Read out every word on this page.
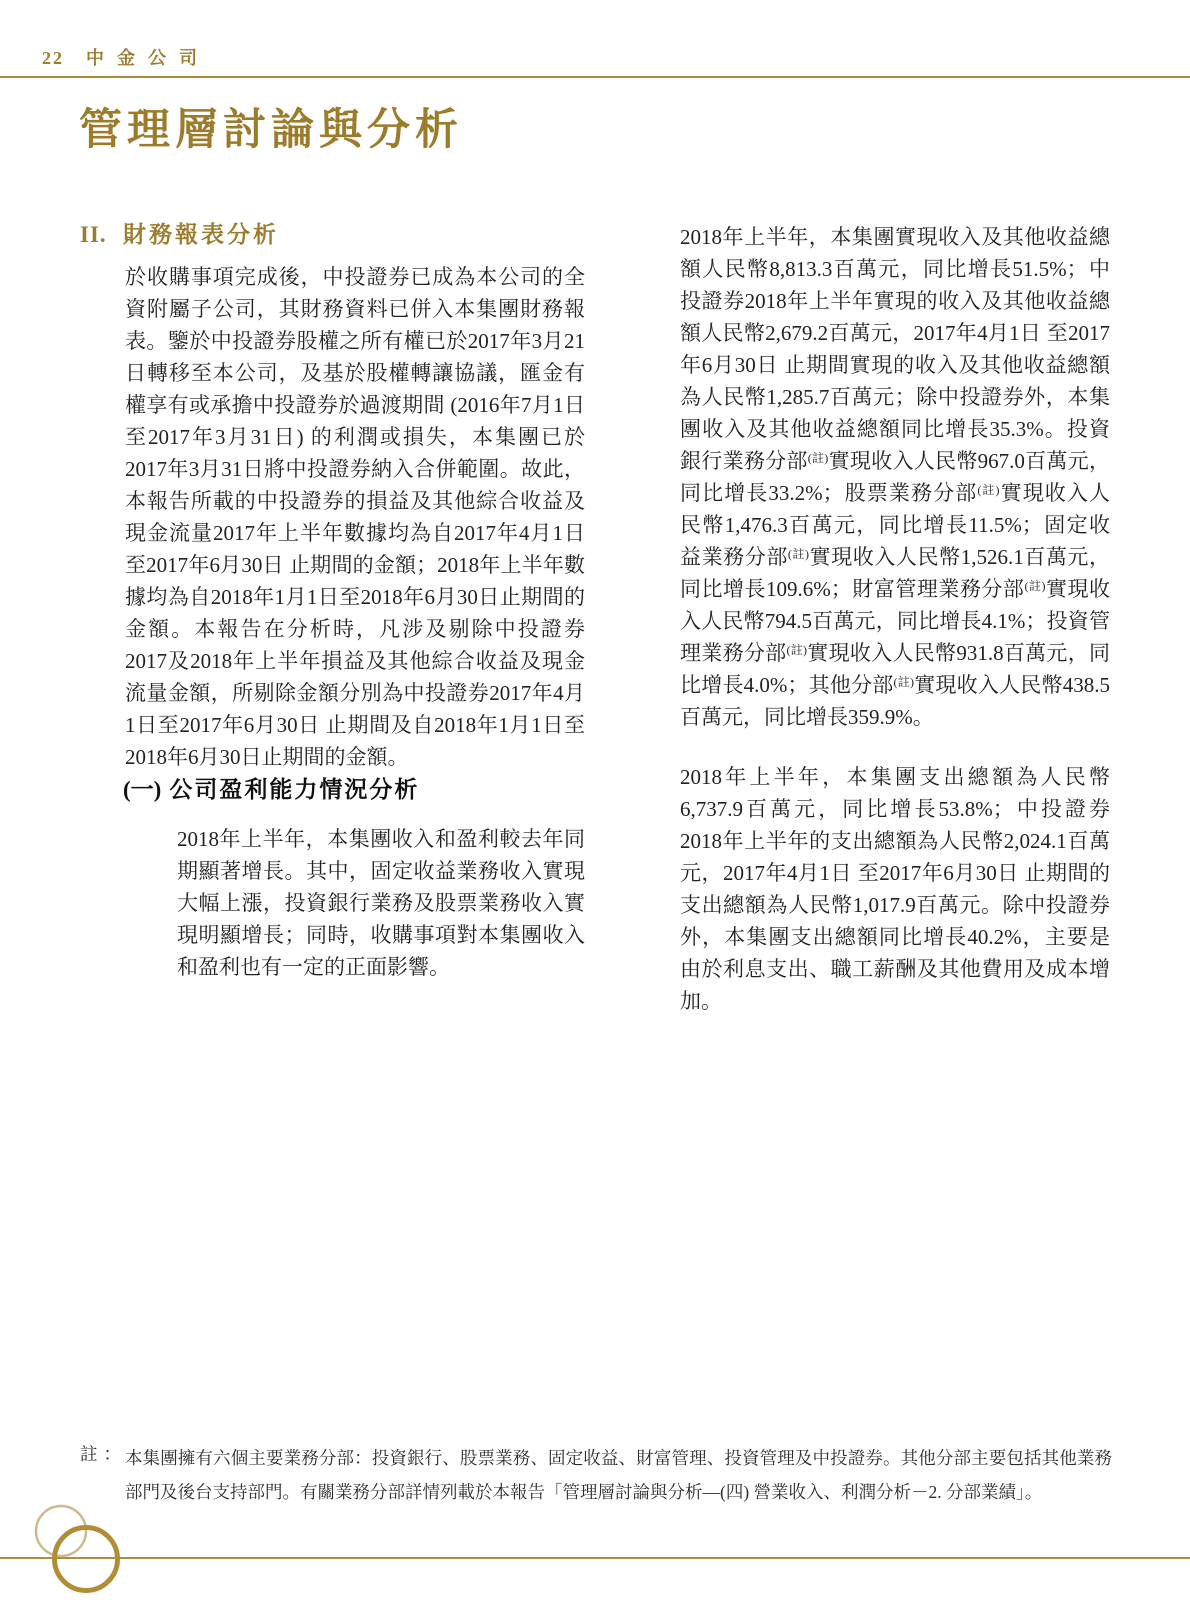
22 中金公司
管理層討論與分析
II. 財務報表分析

於收購事項完成後，中投證券已成為本公司的全資附屬子公司，其財務資料已併入本集團財務報表。鑒於中投證券股權之所有權已於2017年3月21日轉移至本公司，及基於股權轉讓協議，匯金有權享有或承擔中投證券於過渡期間 (2016年7月1日至2017年3月31日) 的利潤或損失，本集團已於2017年3月31日將中投證券納入合併範圍。故此，本報告所載的中投證券的損益及其他綜合收益及現金流量2017年上半年數據均為自2017年4月1日 至2017年6月30日 止期間的金額；2018年上半年數據均為自2018年1月1日至2018年6月30日止期間的金額。本報告在分析時，凡涉及剔除中投證券2017及2018年上半年損益及其他綜合收益及現金流量金額，所剔除金額分別為中投證券2017年4月1日至2017年6月30日 止期間及自2018年1月1日至2018年6月30日止期間的金額。

(一) 公司盈利能力情況分析

2018年上半年，本集團收入和盈利較去年同期顯著增長。其中，固定收益業務收入實現大幅上漲，投資銀行業務及股票業務收入實現明顯增長；同時，收購事項對本集團收入和盈利也有一定的正面影響。

2018年上半年，本集團實現收入及其他收益總額人民幣8,813.3百萬元，同比增長51.5%；中投證券2018年上半年實現的收入及其他收益總額人民幣2,679.2百萬元，2017年4月1日 至2017年6月30日 止期間實現的收入及其他收益總額為人民幣1,285.7百萬元；除中投證券外，本集團收入及其他收益總額同比增長35.3%。投資銀行業務分部$^{(註)}$實現收入人民幣967.0百萬元，同比增長33.2%；股票業務分部$^{(註)}$實現收入人民幣1,476.3百萬元，同比增長11.5%；固定收益業務分部$^{(註)}$實現收入人民幣1,526.1百萬元，同比增長109.6%；財富管理業務分部$^{(註)}$實現收入人民幣794.5百萬元，同比增長4.1%；投資管理業務分部$^{(註)}$實現收入人民幣931.8百萬元，同比增長4.0%；其他分部$^{(註)}$實現收入人民幣438.5百萬元，同比增長359.9%。

2018年上半年，本集團支出總額為人民幣6,737.9百萬元，同比增長53.8%；中投證券2018年上半年的支出總額為人民幣2,024.1百萬元，2017年4月1日 至2017年6月30日 止期間的支出總額為人民幣1,017.9百萬元。除中投證券外，本集團支出總額同比增長40.2%，主要是由於利息支出、職工薪酬及其他費用及成本增加。

註：

本集團擁有六個主要業務分部：投資銀行、股票業務、固定收益、財富管理、投資管理及中投證券。其他分部主要包括其他業務部門及後台支持部門。有關業務分部詳情列載於本報告「管理層討論與分析—(四) 營業收入、利潤分析－2. 分部業績」。
